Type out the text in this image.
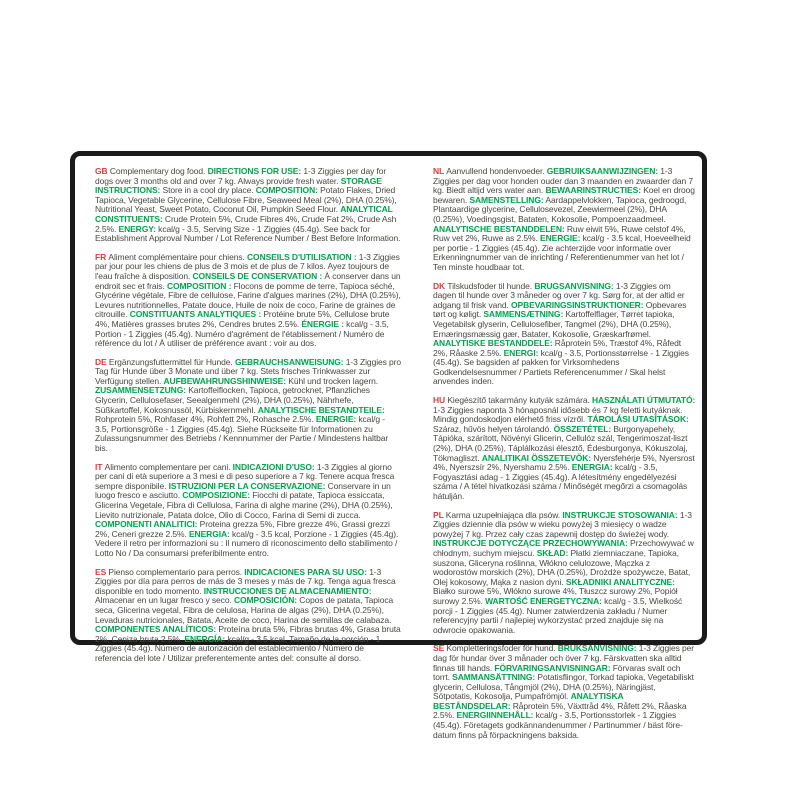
GB Complementary dog food. DIRECTIONS FOR USE: 1-3 Ziggies per day for dogs over 3 months old and over 7 kg. Always provide fresh water. STORAGE INSTRUCTIONS: Store in a cool dry place. COMPOSITION: Potato Flakes, Dried Tapioca, Vegetable Glycerine, Cellulose Fibre, Seaweed Meal (2%), DHA (0.25%), Nutritional Yeast, Sweet Potato, Coconut Oil, Pumpkin Seed Flour. ANALYTICAL CONSTITUENTS: Crude Protein 5%, Crude Fibres 4%, Crude Fat 2%, Crude Ash 2.5%. ENERGY: kcal/g - 3.5, Serving Size - 1 Ziggies (45.4g). See back for Establishment Approval Number / Lot Reference Number / Best Before Information.

FR Aliment complémentaire pour chiens. CONSEILS D'UTILISATION : 1-3 Ziggies par jour pour les chiens de plus de 3 mois et de plus de 7 kilos. Ayez toujours de l'eau fraîche à disposition. CONSEILS DE CONSERVATION : À conserver dans un endroit sec et frais. COMPOSITION : Flocons de pomme de terre, Tapioca séché, Glycérine végétale, Fibre de cellulose, Farine d'algues marines (2%), DHA (0.25%), Levures nutritionnelles, Patate douce, Huile de noix de coco, Farine de graines de citrouille. CONSTITUANTS ANALYTIQUES : Protéine brute 5%, Cellulose brute 4%, Matières grasses brutes 2%, Cendres brutes 2.5%. ÉNERGIE : kcal/g - 3.5, Portion - 1 Ziggies (45.4g). Numéro d'agrément de l'établissement / Numéro de référence du lot / À utiliser de préférence avant : voir au dos.

DE Ergänzungsfuttermittel für Hunde. GEBRAUCHSANWEISUNG: 1-3 Ziggies pro Tag für Hunde über 3 Monate und über 7 kg. Stets frisches Trinkwasser zur Verfügung stellen. AUFBEWAHRUNGSHINWEISE: Kühl und trocken lagern. ZUSAMMENSETZUNG: Kartoffelflocken, Tapioca, getrocknet, Pflanzliches Glycerin, Cellulosefaser, Seealgenmehl (2%), DHA (0.25%), Nährhefe, Süßkartoffel, Kokosnussöl, Kürbiskernmehl. ANALYTISCHE BESTANDTEILE: Rohprotein 5%, Rohfaser 4%, Rohfett 2%, Rohasche 2.5%. ENERGIE: kcal/g - 3.5, Portionsgröße - 1 Ziggies (45.4g). Siehe Rückseite für Informationen zu Zulassungsnummer des Betriebs / Kennnummer der Partie / Mindestens haltbar bis.

IT Alimento complementare per cani. INDICAZIONI D'USO: 1-3 Ziggies al giorno per cani di età superiore a 3 mesi e di peso superiore a 7 kg. Tenere acqua fresca sempre disponibile. ISTRUZIONI PER LA CONSERVAZIONE: Conservare in un luogo fresco e asciutto. COMPOSIZIONE: Fiocchi di patate, Tapioca essiccata, Glicerina Vegetale, Fibra di Cellulosa, Farina di alghe marine (2%), DHA (0.25%), Lievito nutrizionale, Patata dolce, Olio di Cocco, Farina di Semi di zucca. COMPONENTI ANALITICI: Proteina grezza 5%, Fibre grezze 4%, Grassi grezzi 2%, Ceneri grezze 2.5%. ENERGIA: kcal/g - 3.5 kcal, Porzione - 1 Ziggies (45.4g). Vedere il retro per informazioni su : Il numero di riconoscimento dello stabilimento / Lotto No / Da consumarsi preferibilmente entro.

ES Pienso complementario para perros. INDICACIONES PARA SU USO: 1-3 Ziggies por día para perros de más de 3 meses y más de 7 kg. Tenga agua fresca disponible en todo momento. INSTRUCCIONES DE ALMACENAMIENTO: Almacenar en un lugar fresco y seco. COMPOSICIÓN: Copos de patata, Tapioca seca, Glicerina vegetal, Fibra de celulosa, Harina de algas (2%), DHA (0.25%), Levaduras nutricionales, Batata, Aceite de coco, Harina de semillas de calabaza. COMPONENTES ANALÍTICOS: Proteína bruta 5%, Fibras brutas 4%, Grasa bruta 2%, Ceniza bruta 2.5%. ENERGÍA: kcal/g - 3.5 kcal, Tamaño de la porción - 1 Ziggies (45.4g). Número de autorización del establecimiento / Número de referencia del lote / Utilizar preferentemente antes del: consulte al dorso.

NL Aanvullend hondenvoeder. GEBRUIKSAANWIJZINGEN: 1-3 Ziggies per dag voor honden ouder dan 3 maanden en zwaarder dan 7 kg. Biedt altijd vers water aan. BEWAARINSTRUCTIES: Koel en droog bewaren. SAMENSTELLING: Aardappelvlokken, Tapioca, gedroogd, Plantaardige glycerine, Cellulosevezel, Zeewiermeel (2%), DHA (0.25%), Voedingsgist, Bataten, Kokosolie, Pompoenzaadmeel. ANALYTISCHE BESTANDDELEN: Ruw eiwit 5%, Ruwe celstof 4%, Ruw vet 2%, Ruwe as 2.5%. ENERGIE: kcal/g - 3.5 kcal, Hoeveelheid per portie - 1 Ziggies (45.4g). Zie achterzijde voor informatie over Erkenningnummer van de inrichting / Referentienummer van het lot / Ten minste houdbaar tot.

DK Tilskudsfoder til hunde. BRUGSANVISNING: 1-3 Ziggies om dagen til hunde over 3 måneder og over 7 kg. Sørg for, at der altid er adgang til frisk vand. OPBEVARINGSINSTRUKTIONER: Opbevares tørt og køligt. SAMMENSÆTNING: Kartoffelflager, Tørret tapioka, Vegetabilsk glyserin, Cellulosefiber, Tangmel (2%), DHA (0.25%), Ernæringsmæssig gær, Batater, Kokosolie, Græskarfrømel. ANALYTISKE BESTANDDELE: Råprotein 5%, Træstof 4%, Råfedt 2%, Råaske 2.5%. ENERGI: kcal/g - 3.5, Portionsstørrelse - 1 Ziggies (45.4g). Se bagsiden af pakken for Virksomhedens Godkendelsesnummer / Partiets Referencenummer / Skal helst anvendes inden.

HU Kiegészítő takarmány kutyák számára. HASZNÁLATI ÚTMUTATÓ: 1-3 Ziggies naponta 3 hónaposnál idősebb és 7 kg feletti kutyáknak. Mindig gondoskodjon elérhető friss vízről. TÁROLÁSI UTASÍTÁSOK: Száraz, hűvös helyen tárolandó. ÖSSZETÉTEL: Burgonyapehely, Tápióka, szárított, Növényi Glicerin, Cellulóz szál, Tengerimoszat-liszt (2%), DHA (0.25%), Táplálkozási élesztő, Édesburgonya, Kókuszolaj, Tökmagliszt. ANALITIKAI ÖSSZETEVŐK: Nyersfehérje 5%, Nyersrost 4%, Nyerszsír 2%, Nyershamu 2.5%. ENERGIA: kcal/g - 3.5, Fogyasztási adag - 1 Ziggies (45.4g). A létesítmény engedélyezési száma / A tétel hivatkozási száma / Minőségét megőrzi a csomagolás hátulján.

PL Karma uzupełniająca dla psów. INSTRUKCJE STOSOWANIA: 1-3 Ziggies dziennie dla psów w wieku powyżej 3 miesięcy o wadze powyżej 7 kg. Przez cały czas zapewnij dostęp do świeżej wody. INSTRUKCJE DOTYCZĄCE PRZECHOWYWANIA: Przechowywać w chłodnym, suchym miejscu. SKŁAD: Płatki ziemniaczane, Tapioka, suszona, Gliceryna roślinna, Włókno celulozowe, Mączka z wodorostów morskich (2%), DHA (0.25%), Drożdże spożywcze, Batat, Olej kokosowy, Mąka z nasion dyni. SKŁADNIKI ANALITYCZNE: Białko surowe 5%, Włókno surowe 4%, Tłuszcz surowy 2%, Popiół surowy 2.5%. WARTOŚĆ ENERGETYCZNA: kcal/g - 3.5, Wielkość porcji - 1 Ziggies (45.4g). Numer zatwierdzenia zakładu / Numer referencyjny partii / najlepiej wykorzystać przed znajduje się na odwrocie opakowania.

SE Kompletteringsfoder för hund. BRUKSANVISNING: 1-3 Ziggies per dag för hundar över 3 månader och över 7 kg. Färskvatten ska alltid finnas till hands. FÖRVARINGSANVISNINGAR: Förvaras svalt och torrt. SAMMANSÄTTNING: Potatisflingor, Torkad tapioka, Vegetabiliskt glycerin, Cellulosa, Tångmjöl (2%), DHA (0.25%), Näringjäst, Sötpotatis, Kokosolja, Pumpafrömjöl. ANALYTISKA BESTÅNDSDELAR: Råprotein 5%, Växttråd 4%, Råfett 2%, Råaska 2.5%. ENERGIINNEHÅLL: kcal/g - 3.5, Portionsstorlek - 1 Ziggies (45.4g). Företagets godkännandenummer / Partinummer / bäst före-datum finns på förpackningens baksida.
